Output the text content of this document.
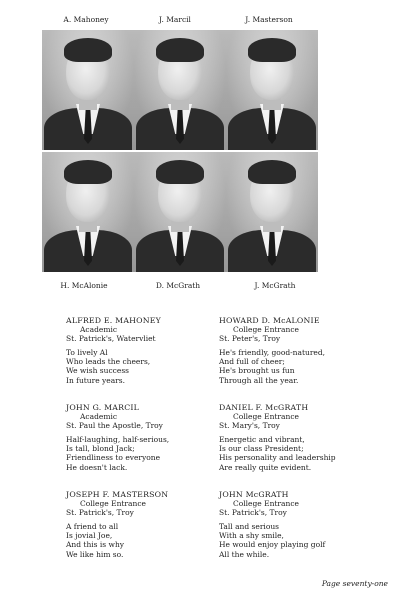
A. Mahoney	J. Marcil	J. Masterson
H. McAlonie	D. McGrath	J. McGrath
ALFRED E. MAHONEY
Academic
St. Patrick's, Watervliet
To lively Al
Who leads the cheers,
We wish success
In future years.
HOWARD D. McALONIE
College Entrance
St. Peter's, Troy
He's friendly, good-natured,
And full of cheer;
He's brought us fun
Through all the year.
JOHN G. MARCIL
Academic
St. Paul the Apostle, Troy
Half-laughing, half-serious,
Is tall, blond Jack;
Friendliness to everyone
He doesn't lack.
DANIEL F. McGRATH
College Entrance
St. Mary's, Troy
Energetic and vibrant,
Is our class President;
His personality and leadership
Are really quite evident.
JOSEPH F. MASTERSON
College Entrance
St. Patrick's, Troy
A friend to all
Is jovial Joe,
And this is why
We like him so.
JOHN McGRATH
College Entrance
St. Patrick's, Troy
Tall and serious
With a shy smile,
He would enjoy playing golf
All the while.
Page seventy-one
